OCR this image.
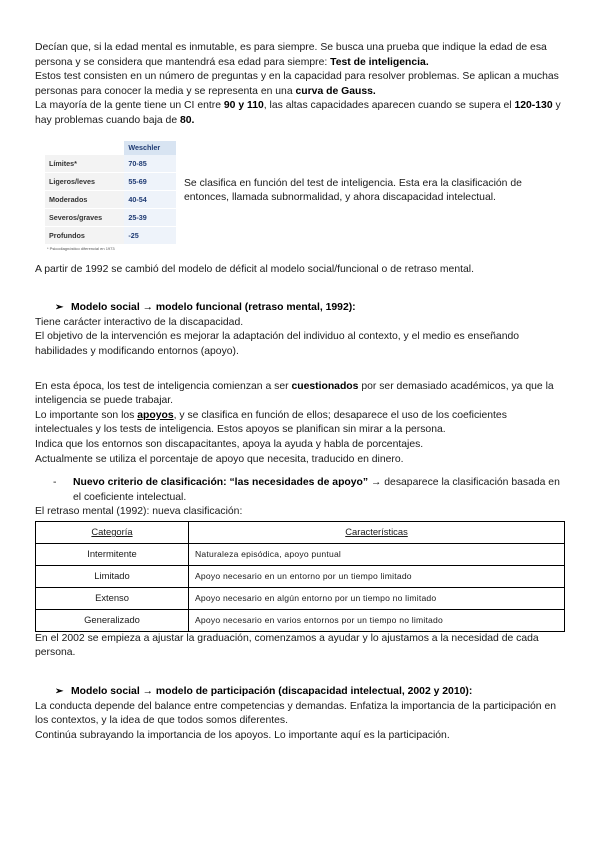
Decían que, si la edad mental es inmutable, es para siempre. Se busca una prueba que indique la edad de esa persona y se considera que mantendrá esa edad para siempre: Test de inteligencia.

Estos test consisten en un número de preguntas y en la capacidad para resolver problemas. Se aplican a muchas personas para conocer la media y se representa en una curva de Gauss.

La mayoría de la gente tiene un CI entre 90 y 110, las altas capacidades aparecen cuando se supera el 120-130 y hay problemas cuando baja de 80.

	Weschler
Límites*	70-85
Ligeros/leves	55-69
Moderados	40-54
Severos/graves	25-39
Profundos	-25
* Psicodiagnóstico diferencial en 1973	

Se clasifica en función del test de inteligencia. Esta era la clasificación de entonces, llamada subnormalidad, y ahora discapacidad intelectual.

A partir de 1992 se cambió del modelo de déficit al modelo social/funcional o de retraso mental.

➢ Modelo social → modelo funcional (retraso mental, 1992):

Tiene carácter interactivo de la discapacidad.

El objetivo de la intervención es mejorar la adaptación del individuo al contexto, y el medio es enseñando habilidades y modificando entornos (apoyo).

En esta época, los test de inteligencia comienzan a ser cuestionados por ser demasiado académicos, ya que la inteligencia se puede trabajar.

Lo importante son los apoyos, y se clasifica en función de ellos; desaparece el uso de los coeficientes intelectuales y los tests de inteligencia. Estos apoyos se planifican sin mirar a la persona.

Indica que los entornos son discapacitantes, apoya la ayuda y habla de porcentajes.

Actualmente se utiliza el porcentaje de apoyo que necesita, traducido en dinero.

-	Nuevo criterio de clasificación: “las necesidades de apoyo” → desaparece la clasificación basada en el coeficiente intelectual.

El retraso mental (1992): nueva clasificación:

Categoría	Características
Intermitente	Naturaleza episódica, apoyo puntual
Limitado	Apoyo necesario en un entorno por un tiempo limitado
Extenso	Apoyo necesario en algún entorno por un tiempo no limitado
Generalizado	Apoyo necesario en varios entornos por un tiempo no limitado

En el 2002 se empieza a ajustar la graduación, comenzamos a ayudar y lo ajustamos a la necesidad de cada persona.

➢ Modelo social → modelo de participación (discapacidad intelectual, 2002 y 2010):

La conducta depende del balance entre competencias y demandas. Enfatiza la importancia de la participación en los contextos, y la idea de que todos somos diferentes.

Continúa subrayando la importancia de los apoyos. Lo importante aquí es la participación.
